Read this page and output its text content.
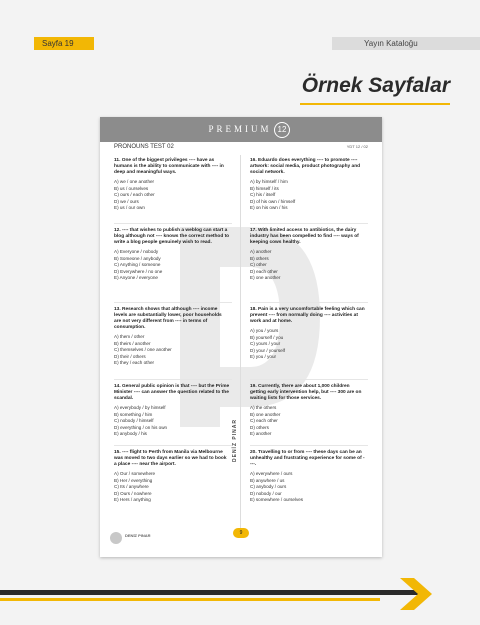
Sayfa 19	Yayın Kataloğu
Örnek Sayfalar
PREMIUM 12
PRONOUNS TEST 02	YDT 12 / 02
DENİZ PINAR
11. One of the biggest privileges ---- have as humans is the ability to communicate with ---- in deep and meaningful ways.
A) we / one another
B) us / ourselves
C) ours / each other
D) we / ours
E) us / our own
12. ---- that wishes to publish a weblog can start a blog although not ---- knows the correct method to write a blog people genuinely wish to read.
A) Everyone / nobody
B) Someone / anybody
C) Anything / someone
D) Everywhere / no one
E) Anyone / everyone
13. Research shows that although ---- income levels are substantially lower, poor households are not very different from ---- in terms of consumption.
A) them / other
B) theirs / another
C) themselves / one another
D) their / others
E) they / each other
14. General public opinion is that ---- but the Prime Minister ---- can answer the question related to the scandal.
A) everybody / by himself
B) something / him
C) nobody / himself
D) everything / on his own
E) anybody / his
15. ---- flight to Perth from Manila via Melbourne was moved to two days earlier so we had to book a place ---- near the airport.
A) Our / somewhere
B) Her / everything
C) Its / anywhere
D) Ours / nowhere
E) Hers / anything
16. Eduardo does everything ---- to promote ---- artwork: social media, product photography and social network.
A) by himself / him
B) himself / its
C) his / itself
D) of his own / himself
E) on his own / his
17. With limited access to antibiotics, the dairy industry has been compelled to find ---- ways of keeping cows healthy.
A) another
B) others
C) other
D) each other
E) one another
18. Pain is a very uncomfortable feeling which can prevent ---- from normally doing ---- activities at work and at home.
A) you / yours
B) yourself / you
C) yours / your
D) your / yourself
E) you / your
19. Currently, there are about 1,000 children getting early intervention help, but ---- 300 are on waiting lists for those services.
A) the others
B) one another
C) each other
D) others
E) another
20. Travelling to or from ---- these days can be an unhealthy and frustrating experience for some of ----.
A) everywhere / ours
B) anywhere / us
C) anybody / ours
D) nobody / our
E) somewhere / ourselves
9
DENİZ PINAR
